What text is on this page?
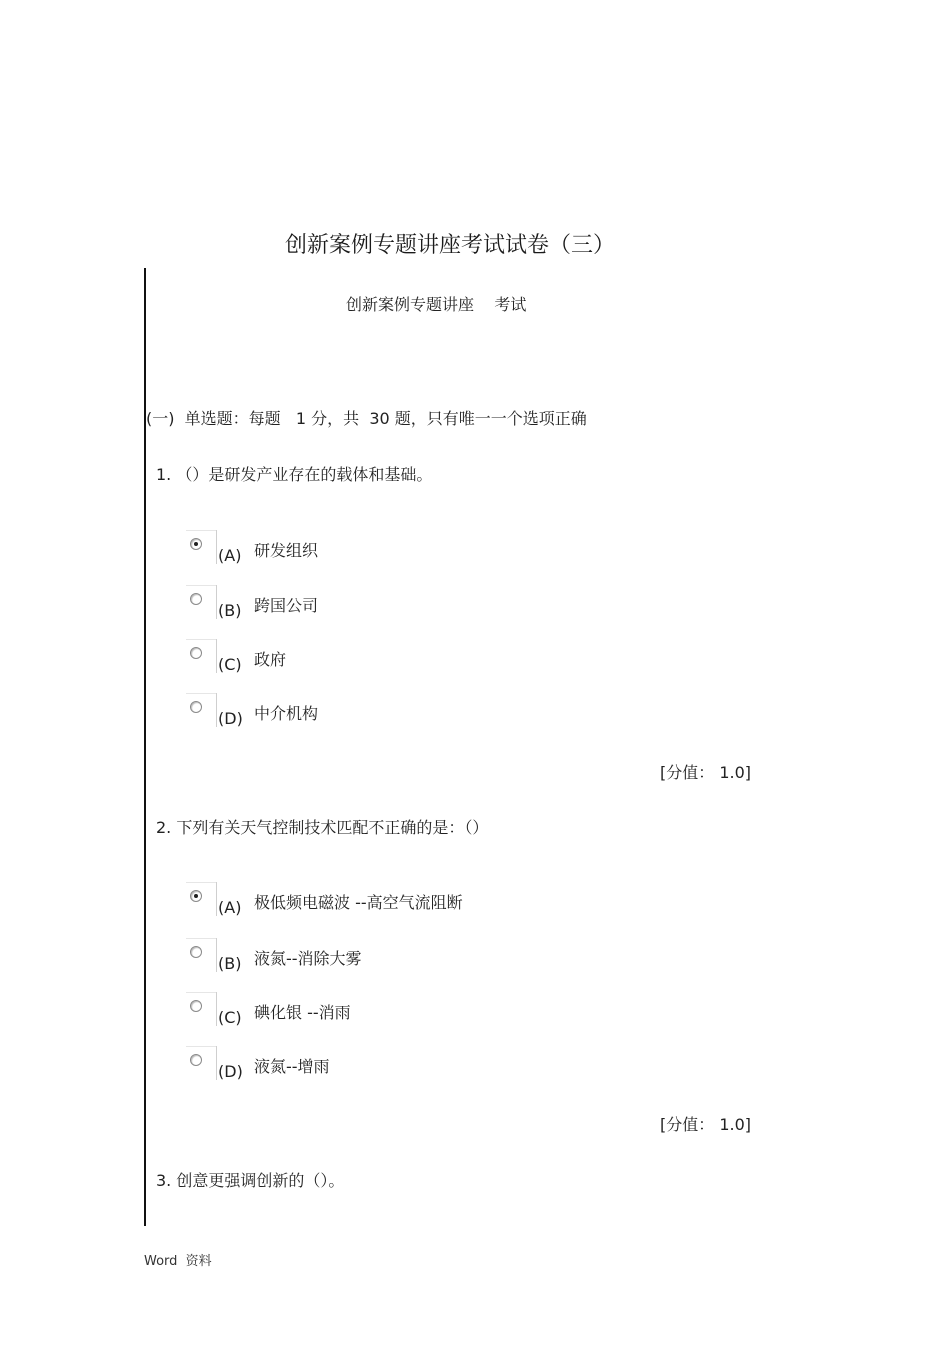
创新案例专题讲座考试试卷（三）
创新案例专题讲座    考试
(一)  单选题：每题   1 分，共  30 题，只有唯一一个选项正确
1. （）是研发产业存在的载体和基础。
(A) 研发组织
(B) 跨国公司
(C) 政府
(D) 中介机构
[分值： 1.0]
2. 下列有关天气控制技术匹配不正确的是：（）
(A) 极低频电磁波 --高空气流阻断
(B) 液氮--消除大雾
(C) 碘化银 --消雨
(D) 液氮--增雨
[分值： 1.0]
3. 创意更强调创新的（）。
Word  资料
